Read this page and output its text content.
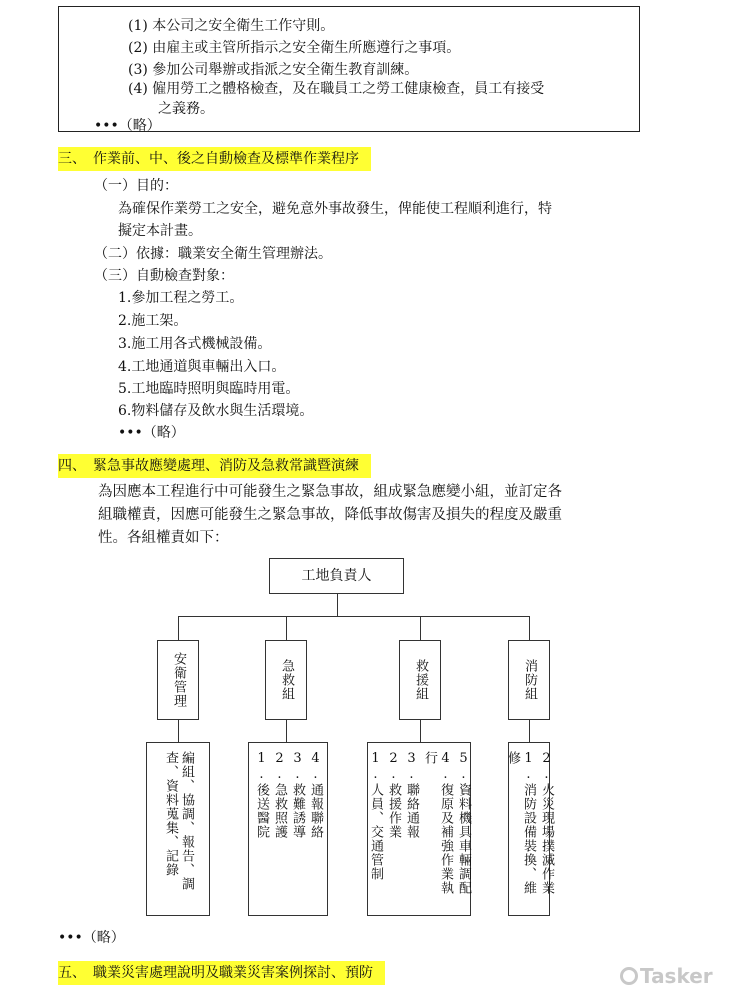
(1) 本公司之安全衛生工作守則。
(2) 由雇主或主管所指示之安全衛生所應遵行之事項。
(3) 參加公司舉辦或指派之安全衛生教育訓練。
(4) 僱用勞工之體格檢查，及在職員工之勞工健康檢查，員工有接受
之義務。
•••（略）
三、　作業前、中、後之自動檢查及標準作業程序
（一）目的：
為確保作業勞工之安全，避免意外事故發生，俾能使工程順利進行，特
擬定本計畫。
（二）依據：職業安全衛生管理辦法。
（三）自動檢查對象：
1.參加工程之勞工。
2.施工架。
3.施工用各式機械設備。
4.工地通道與車輛出入口。
5.工地臨時照明與臨時用電。
6.物料儲存及飲水與生活環境。
•••（略）
四、　緊急事故應變處理、消防及急救常識暨演練
為因應本工程進行中可能發生之緊急事故，組成緊急應變小組，並訂定各
組職權責，因應可能發生之緊急事故，降低事故傷害及損失的程度及嚴重
性。各組權責如下：
工地負責人
安衛管理	急救組	救援組	消防組
編組、協調、報告、調查、資料蒐集、記錄	1.後送醫院 2.急救照護 3.救難誘導 4.通報聯絡	1.人員、交通管制 2.救援作業 3.聯絡通報	4.復原及補強作業執行	5.資料機具車輛調配	1.消防設備裝換、維修	2.火災現場撲滅作業
•••（略）
五、　職業災害處理說明及職業災害案例探討、預防	Tasker
